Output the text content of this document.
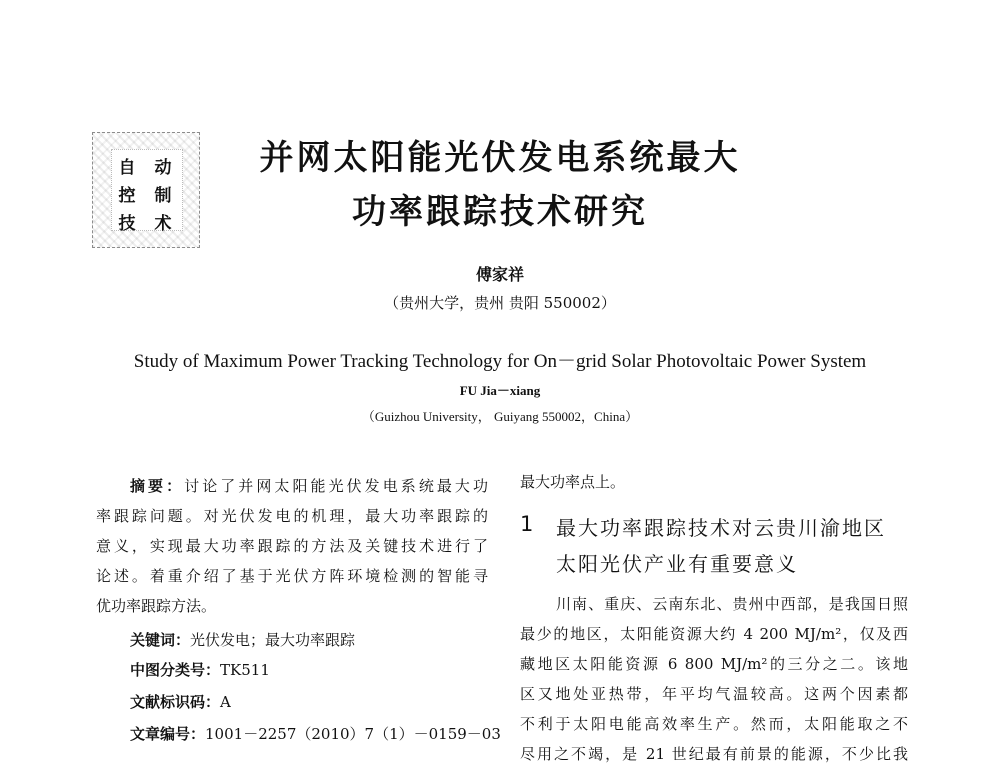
自 动
控 制
技 术
并网太阳能光伏发电系统最大
功率跟踪技术研究
傅家祥
（贵州大学，贵州 贵阳 550002）
Study of Maximum Power Tracking Technology for On－grid Solar Photovoltaic Power System
FU Jia－xiang
（Guizhou University， Guiyang 550002，China）
摘要：讨论了并网太阳能光伏发电系统最大功
率跟踪问题。对光伏发电的机理，最大功率跟踪的
意义，实现最大功率跟踪的方法及关键技术进行了
论述。着重介绍了基于光伏方阵环境检测的智能寻
优功率跟踪方法。
关键词：光伏发电；最大功率跟踪
中图分类号：TK511
文献标识码：A
文章编号：1001－2257（2010）7（1）－0159－03
最大功率点上。
1 最大功率跟踪技术对云贵川渝地区
太阳光伏产业有重要意义
川南、重庆、云南东北、贵州中西部，是我国日照
最少的地区，太阳能资源大约 4 200 MJ/m²，仅及西
藏地区太阳能资源 6 800 MJ/m²的三分之二。该地
区又地处亚热带，年平均气温较高。这两个因素都
不利于太阳电能高效率生产。然而，太阳能取之不
尽用之不竭，是 21 世纪最有前景的能源，不少比我
